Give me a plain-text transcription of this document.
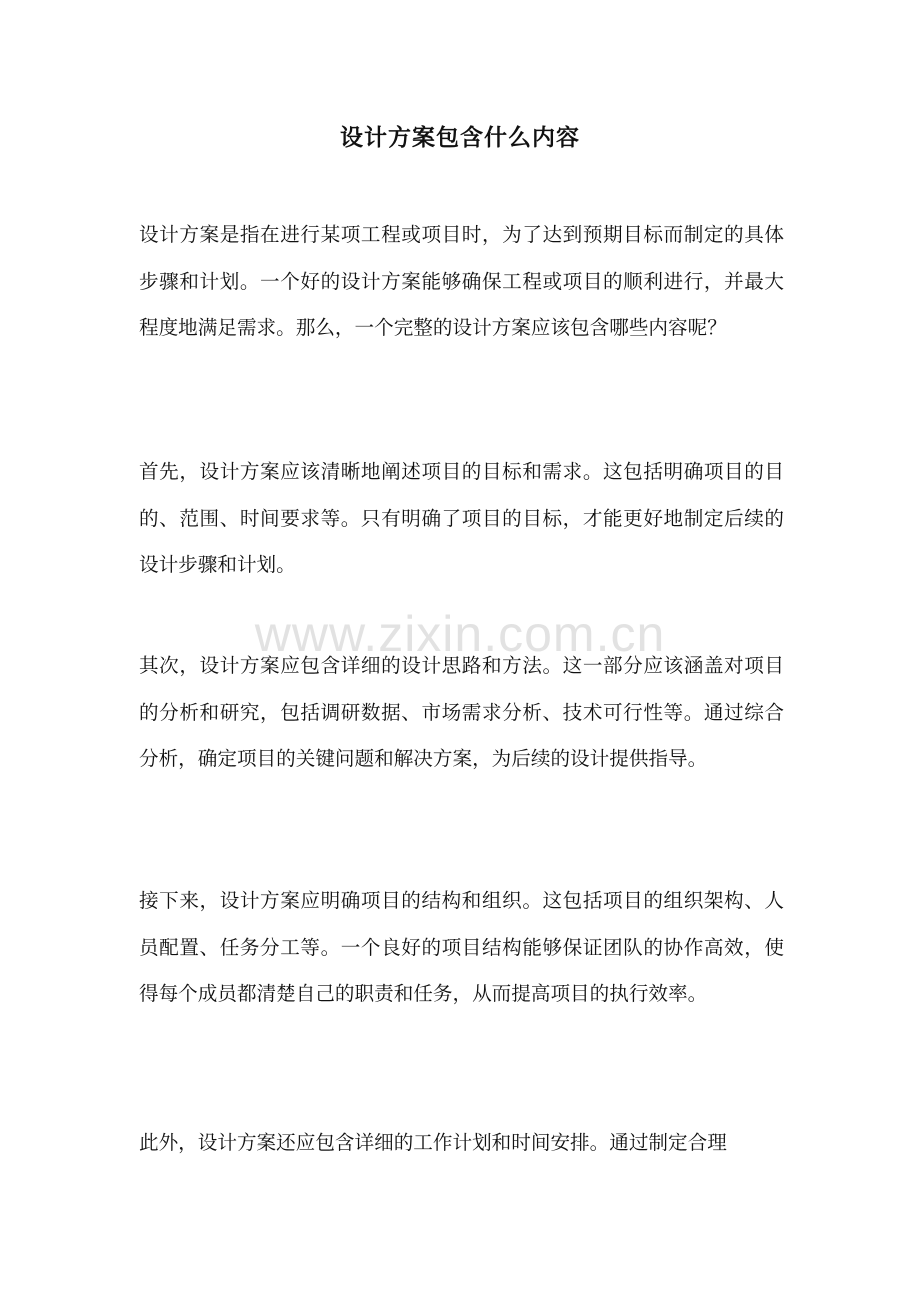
设计方案包含什么内容

设计方案是指在进行某项工程或项目时，为了达到预期目标而制定的具体步骤和计划。一个好的设计方案能够确保工程或项目的顺利进行，并最大程度地满足需求。那么，一个完整的设计方案应该包含哪些内容呢？

首先，设计方案应该清晰地阐述项目的目标和需求。这包括明确项目的目的、范围、时间要求等。只有明确了项目的目标，才能更好地制定后续的设计步骤和计划。

其次，设计方案应包含详细的设计思路和方法。这一部分应该涵盖对项目的分析和研究，包括调研数据、市场需求分析、技术可行性等。通过综合分析，确定项目的关键问题和解决方案，为后续的设计提供指导。

接下来，设计方案应明确项目的结构和组织。这包括项目的组织架构、人员配置、任务分工等。一个良好的项目结构能够保证团队的协作高效，使得每个成员都清楚自己的职责和任务，从而提高项目的执行效率。

此外，设计方案还应包含详细的工作计划和时间安排。通过制定合理

www.zixin.com.cn
